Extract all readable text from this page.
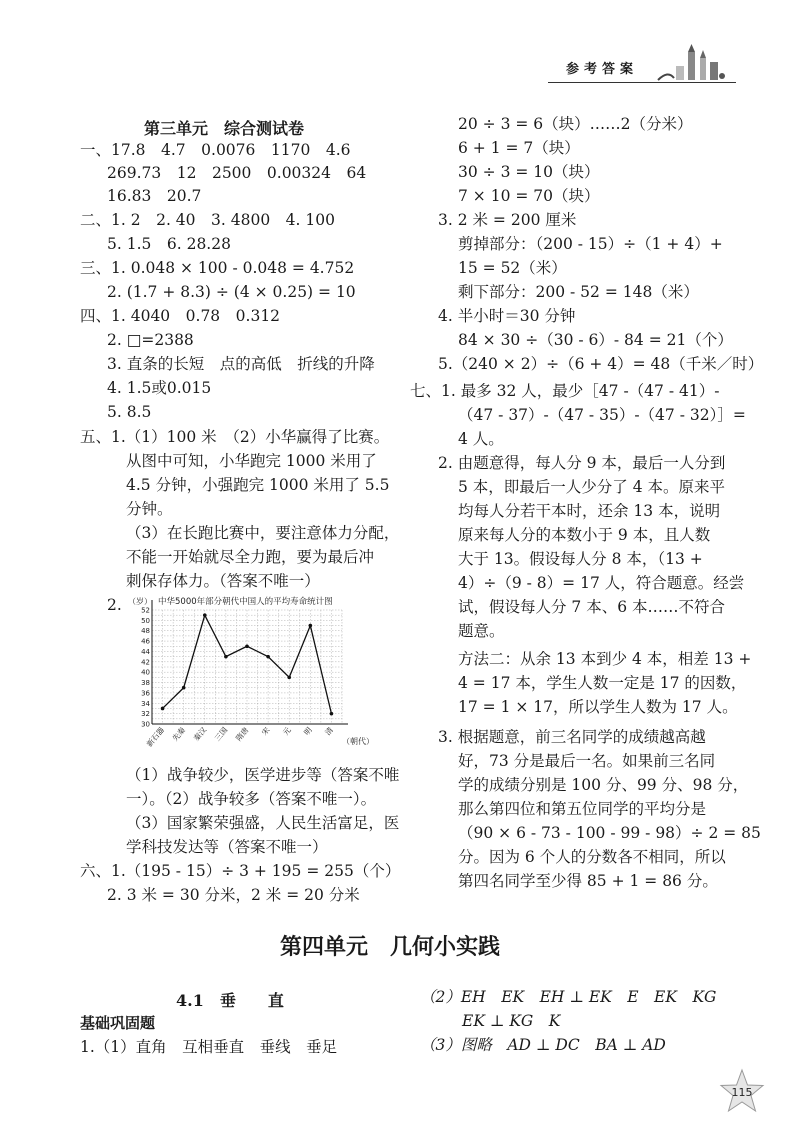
参考答案
第三单元　综合测试卷
一、17.8　4.7　0.0076　1170　4.6
269.73　12　2500　0.00324　64
16.83　20.7
二、1. 2　2. 40　3. 4800　4. 100
5. 1.5　6. 28.28
三、1. 0.048 × 100 - 0.048 = 4.752
2. (1.7 + 8.3) ÷ (4 × 0.25) = 10
四、1. 4040　0.78　0.312
2. □=2388
3. 直条的长短　点的高低　折线的升降
4. 1.5或0.015
5. 8.5
五、1.（1）100 米　（2）小华赢得了比赛。
从图中可知，小华跑完 1000 米用了
4.5 分钟，小强跑完 1000 米用了 5.5
分钟。
（3）在长跑比赛中，要注意体力分配，
不能一开始就尽全力跑，要为最后冲
刺保存体力。（答案不唯一）
2.	中华5000年部分朝代中国人的平均寿命统计图
（岁）
（朝代）
30
32
34
36
38
40
42
44
46
48
50
52
新石器 先秦 秦汉 三国 隋唐 宋 元 明 清
（1）战争较少，医学进步等（答案不唯
一）。（2）战争较多（答案不唯一）。
（3）国家繁荣强盛，人民生活富足，医
学科技发达等（答案不唯一）
六、1.（195 - 15）÷ 3 + 195 = 255（个）
2. 3 米 = 30 分米，2 米 = 20 分米
20 ÷ 3 = 6（块）……2（分米）
6 + 1 = 7（块）
30 ÷ 3 = 10（块）
7 × 10 = 70（块）
3. 2 米 = 200 厘米
剪掉部分：（200 - 15）÷（1 + 4）+
15 = 52（米）
剩下部分：200 - 52 = 148（米）
4. 半小时＝30 分钟
84 × 30 ÷（30 - 6）- 84 = 21（个）
5.（240 × 2）÷（6 + 4）= 48（千米／时）
七、1. 最多 32 人，最少［47 -（47 - 41）-
（47 - 37）-（47 - 35）-（47 - 32）］=
4 人。
2. 由题意得，每人分 9 本，最后一人分到
5 本，即最后一人少分了 4 本。原来平
均每人分若干本时，还余 13 本，说明
原来每人分的本数小于 9 本，且人数
大于 13。假设每人分 8 本，（13 +
4）÷（9 - 8）= 17 人，符合题意。经尝
试，假设每人分 7 本、6 本……不符合
题意。
方法二：从余 13 本到少 4 本，相差 13 +
4 = 17 本，学生人数一定是 17 的因数，
17 = 1 × 17，所以学生人数为 17 人。
3. 根据题意，前三名同学的成绩越高越
好，73 分是最后一名。如果前三名同
学的成绩分别是 100 分、99 分、98 分，
那么第四位和第五位同学的平均分是
（90 × 6 - 73 - 100 - 99 - 98）÷ 2 = 85
分。因为 6 个人的分数各不相同，所以
第四名同学至少得 85 + 1 = 86 分。
第四单元　几何小实践
4.1　垂　　直
基础巩固题
1.（1）直角　互相垂直　垂线　垂足
（2）EH　EK　EH ⊥ EK　E　EK　KG
EK ⊥ KG　K
（3）图略　AD ⊥ DC　BA ⊥ AD
115
